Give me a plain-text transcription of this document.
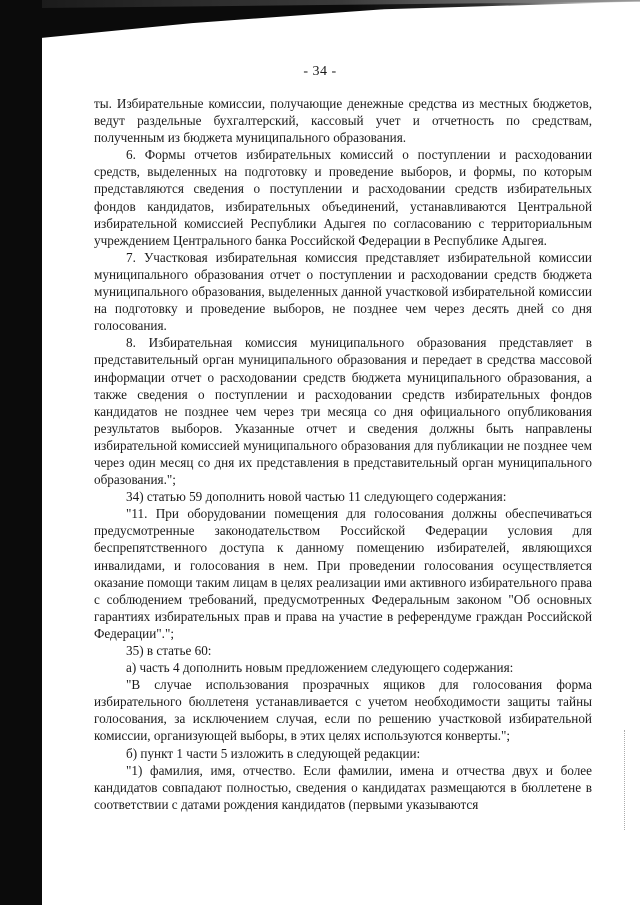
- 34 -

ты. Избирательные комиссии, получающие денежные средства из местных бюджетов, ведут раздельные бухгалтерский, кассовый учет и отчетность по средствам, полученным из бюджета муниципального образования.

6. Формы отчетов избирательных комиссий о поступлении и расходовании средств, выделенных на подготовку и проведение выборов, и формы, по которым представляются сведения о поступлении и расходовании средств избирательных фондов кандидатов, избирательных объединений, устанавливаются Центральной избирательной комиссией Республики Адыгея по согласованию с территориальным учреждением Центрального банка Российской Федерации в Республике Адыгея.

7. Участковая избирательная комиссия представляет избирательной комиссии муниципального образования отчет о поступлении и расходовании средств бюджета муниципального образования, выделенных данной участковой избирательной комиссии на подготовку и проведение выборов, не позднее чем через десять дней со дня голосования.

8. Избирательная комиссия муниципального образования представляет в представительный орган муниципального образования и передает в средства массовой информации отчет о расходовании средств бюджета муниципального образования, а также сведения о поступлении и расходовании средств избирательных фондов кандидатов не позднее чем через три месяца со дня официального опубликования результатов выборов. Указанные отчет и сведения должны быть направлены избирательной комиссией муниципального образования для публикации не позднее чем через один месяц со дня их представления в представительный орган муниципального образования.";

34) статью 59 дополнить новой частью 11 следующего содержания:

"11. При оборудовании помещения для голосования должны обеспечиваться предусмотренные законодательством Российской Федерации условия для беспрепятственного доступа к данному помещению избирателей, являющихся инвалидами, и голосования в нем. При проведении голосования осуществляется оказание помощи таким лицам в целях реализации ими активного избирательного права с соблюдением требований, предусмотренных Федеральным законом "Об основных гарантиях избирательных прав и права на участие в референдуме граждан Российской Федерации".";

35) в статье 60:

а) часть 4 дополнить новым предложением следующего содержания:

"В случае использования прозрачных ящиков для голосования форма избирательного бюллетеня устанавливается с учетом необходимости защиты тайны голосования, за исключением случая, если по решению участковой избирательной комиссии, организующей выборы, в этих целях используются конверты.";

б) пункт 1 части 5 изложить в следующей редакции:

"1) фамилия, имя, отчество. Если фамилии, имена и отчества двух и более кандидатов совпадают полностью, сведения о кандидатах размещаются в бюллетене в соответствии с датами рождения кандидатов (первыми указываются
